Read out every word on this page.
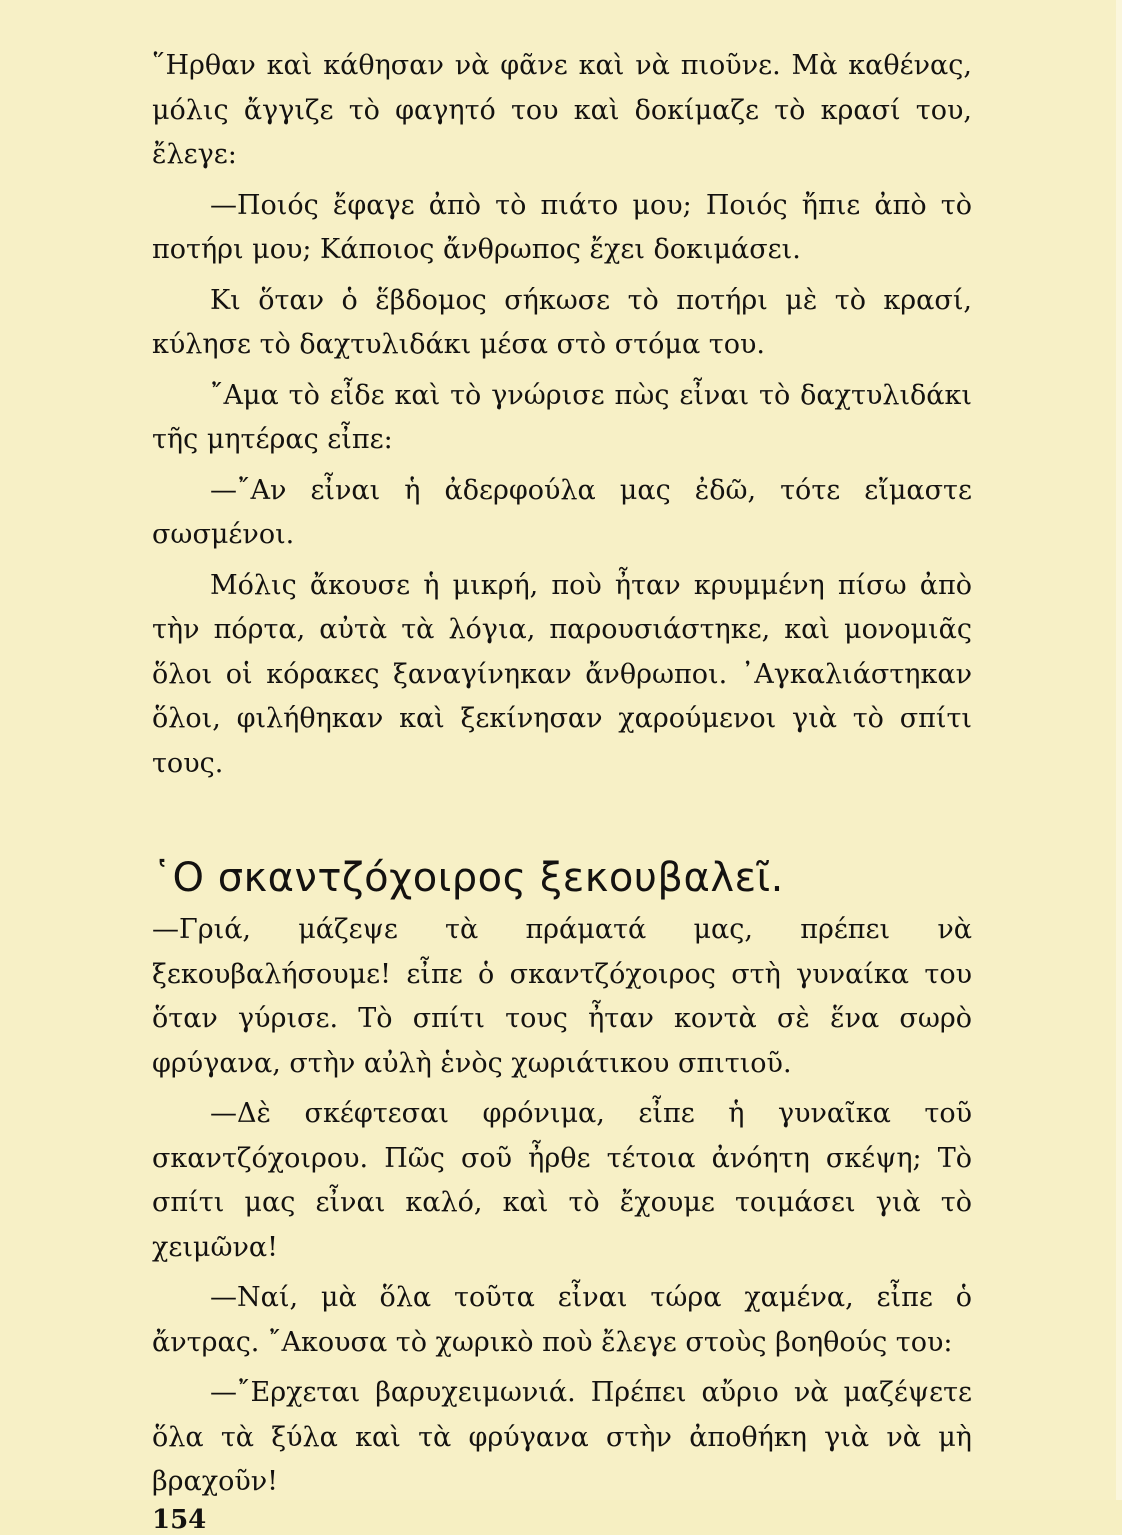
῞Ηρθαν καὶ κάθησαν νὰ φᾶνε καὶ νὰ πιοῦνε. Μὰ καθένας, μόλις ἄγγιζε τὸ φαγητό του καὶ δοκίμαζε τὸ κρασί του, ἔλεγε:

—Ποιός ἔφαγε ἀπὸ τὸ πιάτο μου; Ποιός ἤπιε ἀπὸ τὸ ποτήρι μου; Κάποιος ἄνθρωπος ἔχει δοκιμάσει.

Κι ὅταν ὁ ἕβδομος σήκωσε τὸ ποτήρι μὲ τὸ κρασί, κύλησε τὸ δαχτυλιδάκι μέσα στὸ στόμα του.

῎Αμα τὸ εἶδε καὶ τὸ γνώρισε πὼς εἶναι τὸ δαχτυλιδάκι τῆς μητέρας εἶπε:

—῎Αν εἶναι ἡ ἀδερφούλα μας ἐδῶ, τότε εἴμαστε σωσμένοι.

Μόλις ἄκουσε ἡ μικρή, ποὺ ἦταν κρυμμένη πίσω ἀπὸ τὴν πόρτα, αὐτὰ τὰ λόγια, παρουσιάστηκε, καὶ μονομιᾶς ὅλοι οἱ κόρακες ξαναγίνηκαν ἄνθρωποι. ᾿Αγκαλιάστηκαν ὅλοι, φιλήθηκαν καὶ ξεκίνησαν χαρούμενοι γιὰ τὸ σπίτι τους.

῾Ο σκαντζόχοιρος ξεκουβαλεῖ.

—Γριά, μάζεψε τὰ πράματά μας, πρέπει νὰ ξεκουβαλήσουμε! εἶπε ὁ σκαντζόχοιρος στὴ γυναίκα του ὅταν γύρισε. Τὸ σπίτι τους ἦταν κοντὰ σὲ ἕνα σωρὸ φρύγανα, στὴν αὐλὴ ἑνὸς χωριάτικου σπιτιοῦ.

—Δὲ σκέφτεσαι φρόνιμα, εἶπε ἡ γυναῖκα τοῦ σκαντζόχοιρου. Πῶς σοῦ ἦρθε τέτοια ἀνόητη σκέψη; Τὸ σπίτι μας εἶναι καλό, καὶ τὸ ἔχουμε τοιμάσει γιὰ τὸ χειμῶνα!

—Ναί, μὰ ὅλα τοῦτα εἶναι τώρα χαμένα, εἶπε ὁ ἄντρας. ῎Ακουσα τὸ χωρικὸ ποὺ ἔλεγε στοὺς βοηθούς του:

—῎Ερχεται βαρυχειμωνιά. Πρέπει αὔριο νὰ μαζέψετε ὅλα τὰ ξύλα καὶ τὰ φρύγανα στὴν ἀποθήκη γιὰ νὰ μὴ βραχοῦν!

154
